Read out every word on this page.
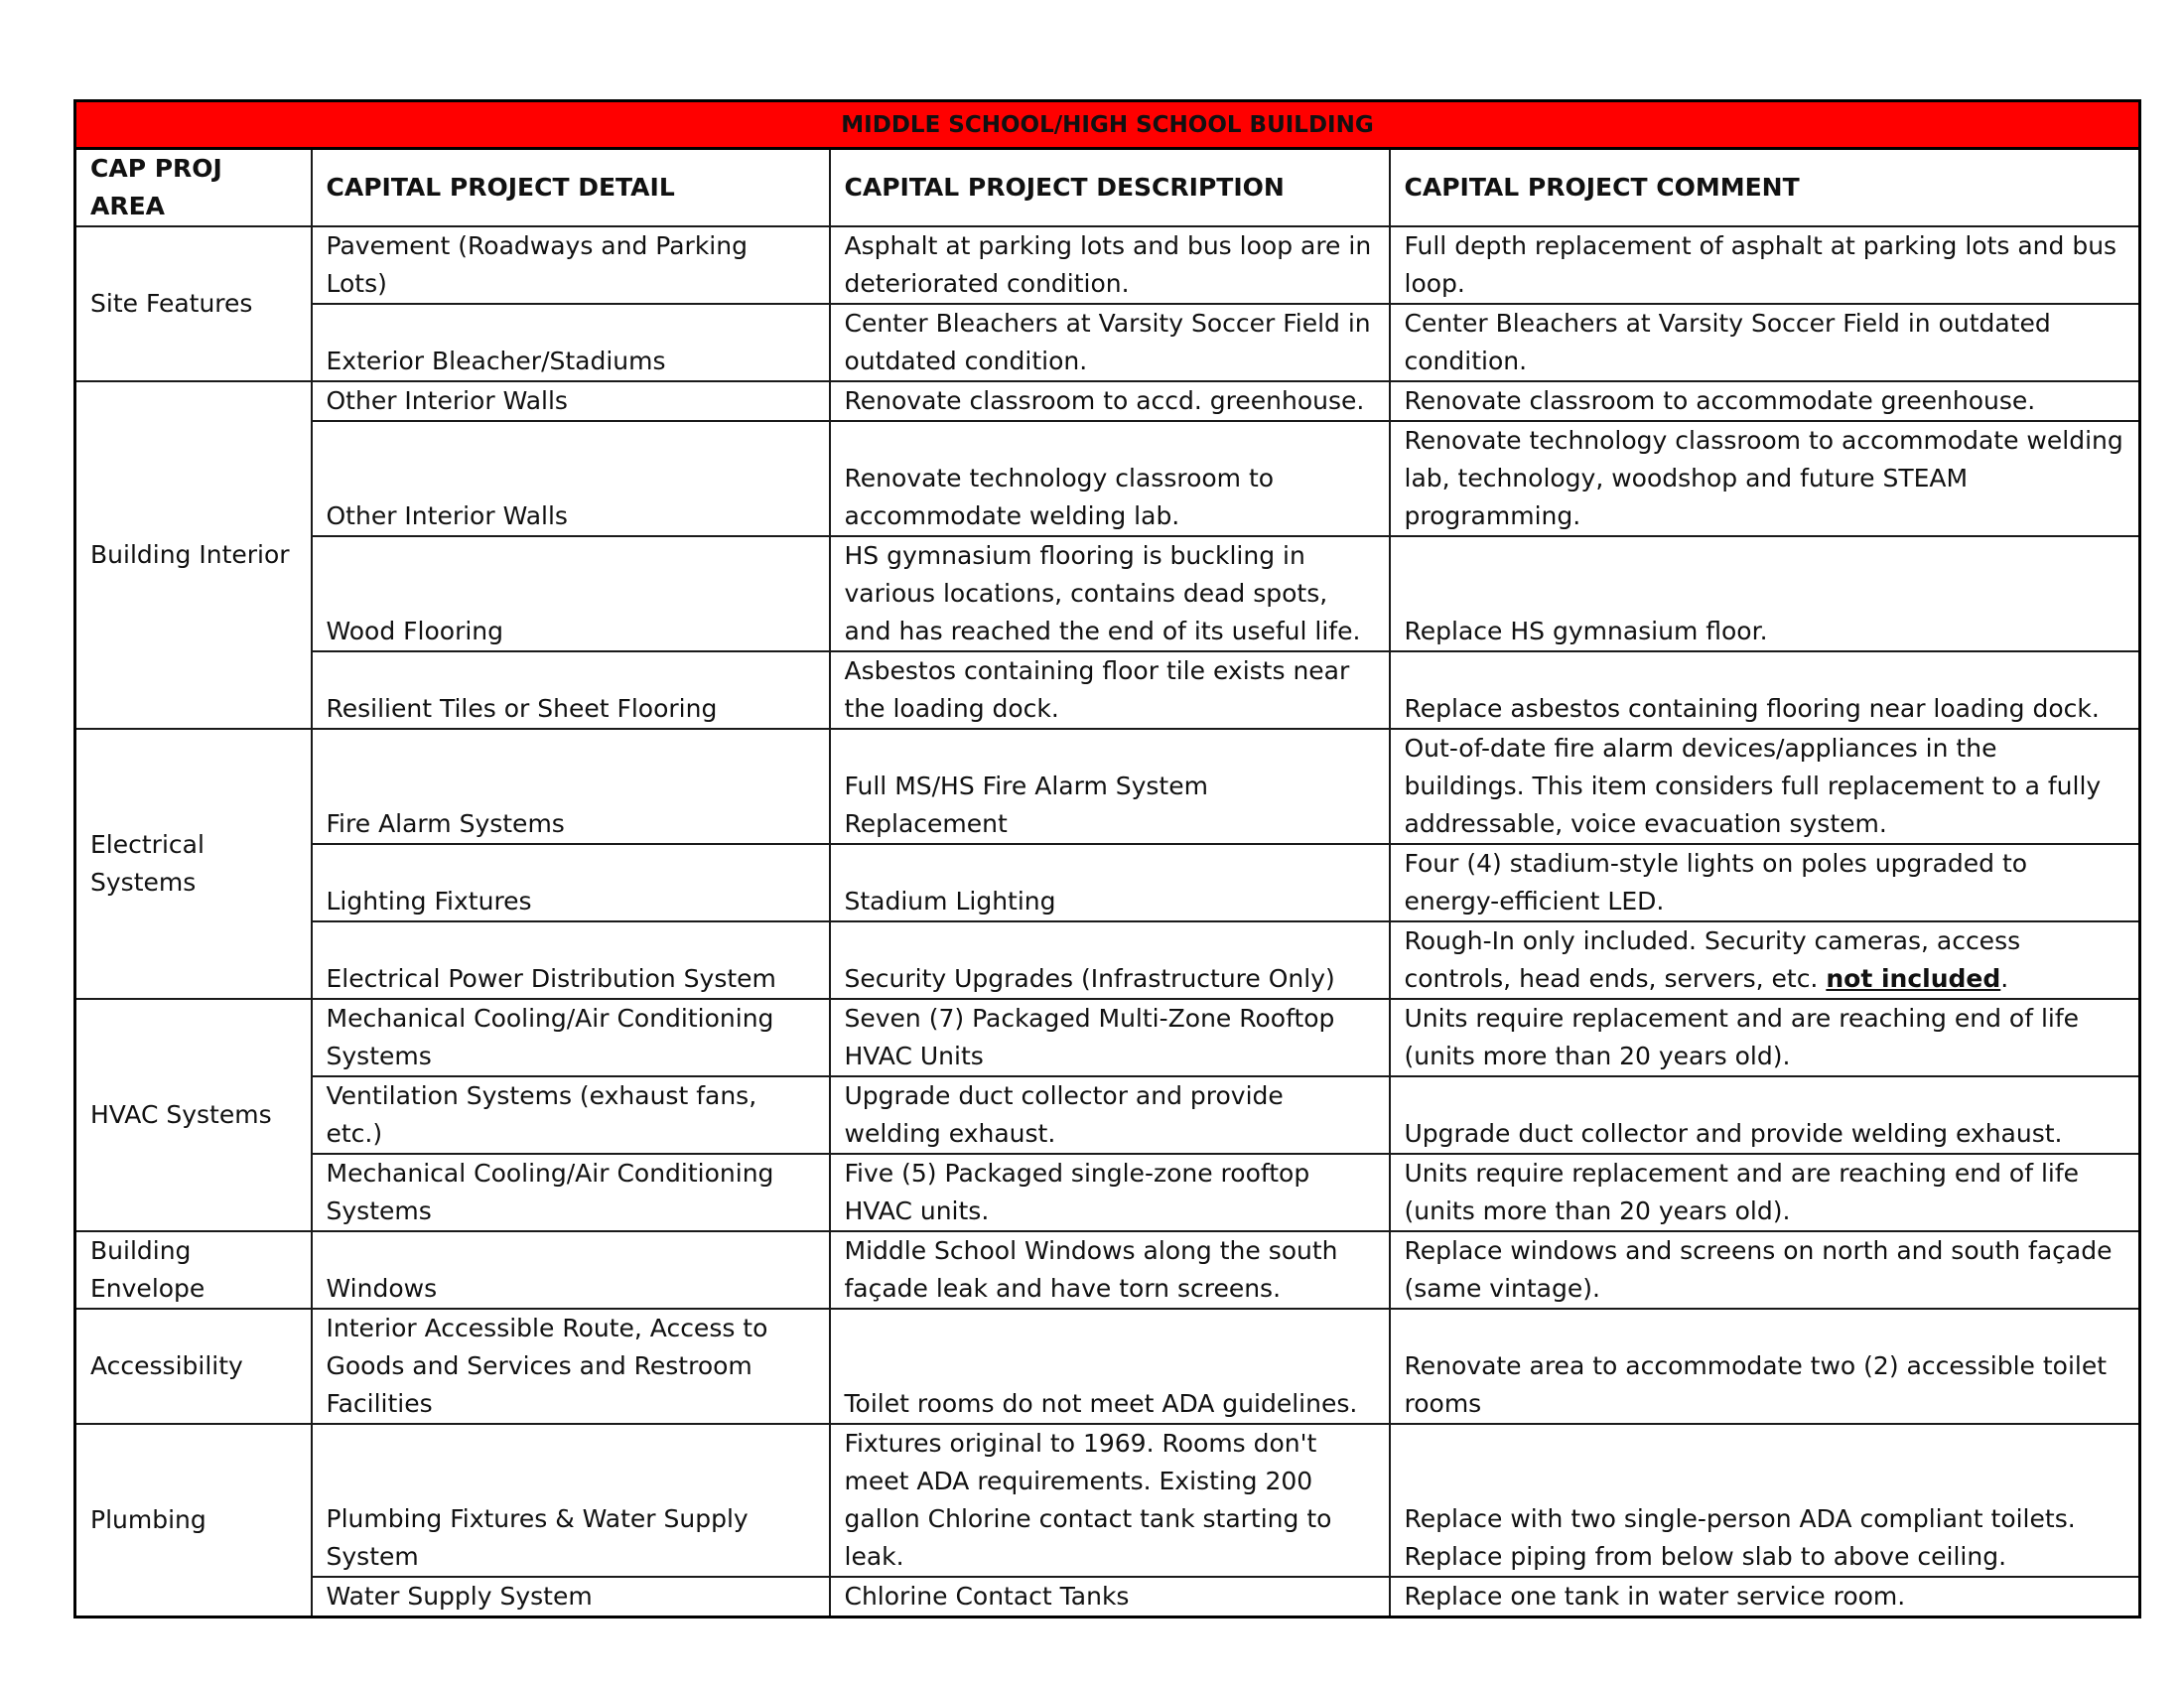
MIDDLE SCHOOL/HIGH SCHOOL BUILDING			
CAP PROJ AREA	CAPITAL PROJECT DETAIL	CAPITAL PROJECT DESCRIPTION	CAPITAL PROJECT COMMENT
Site Features	Pavement (Roadways and Parking Lots)	Asphalt at parking lots and bus loop are in deteriorated condition.	Full depth replacement of asphalt at parking lots and bus loop.
	Exterior Bleacher/Stadiums	Center Bleachers at Varsity Soccer Field in outdated condition.	Center Bleachers at Varsity Soccer Field in outdated condition.
Building Interior	Other Interior Walls	Renovate classroom to accd. greenhouse.	Renovate classroom to accommodate greenhouse.
	Other Interior Walls	Renovate technology classroom to accommodate welding lab.	Renovate technology classroom to accommodate welding lab, technology, woodshop and future STEAM programming.
	Wood Flooring	HS gymnasium flooring is buckling in various locations, contains dead spots, and has reached the end of its useful life.	Replace HS gymnasium floor.
	Resilient Tiles or Sheet Flooring	Asbestos containing floor tile exists near the loading dock.	Replace asbestos containing flooring near loading dock.
Electrical Systems	Fire Alarm Systems	Full MS/HS Fire Alarm System Replacement	Out-of-date fire alarm devices/appliances in the buildings. This item considers full replacement to a fully addressable, voice evacuation system.
	Lighting Fixtures	Stadium Lighting	Four (4) stadium-style lights on poles upgraded to energy-efficient LED.
	Electrical Power Distribution System	Security Upgrades (Infrastructure Only)	Rough-In only included. Security cameras, access controls, head ends, servers, etc. not included.
HVAC Systems	Mechanical Cooling/Air Conditioning Systems	Seven (7) Packaged Multi-Zone Rooftop HVAC Units	Units require replacement and are reaching end of life (units more than 20 years old).
	Ventilation Systems (exhaust fans, etc.)	Upgrade duct collector and provide welding exhaust.	Upgrade duct collector and provide welding exhaust.
	Mechanical Cooling/Air Conditioning Systems	Five (5) Packaged single-zone rooftop HVAC units.	Units require replacement and are reaching end of life (units more than 20 years old).
Building Envelope	Windows	Middle School Windows along the south façade leak and have torn screens.	Replace windows and screens on north and south façade (same vintage).
Accessibility	Interior Accessible Route, Access to Goods and Services and Restroom Facilities	Toilet rooms do not meet ADA guidelines.	Renovate area to accommodate two (2) accessible toilet rooms
Plumbing	Plumbing Fixtures & Water Supply System	Fixtures original to 1969. Rooms don't meet ADA requirements. Existing 200 gallon Chlorine contact tank starting to leak.	Replace with two single-person ADA compliant toilets. Replace piping from below slab to above ceiling.
	Water Supply System	Chlorine Contact Tanks	Replace one tank in water service room.
